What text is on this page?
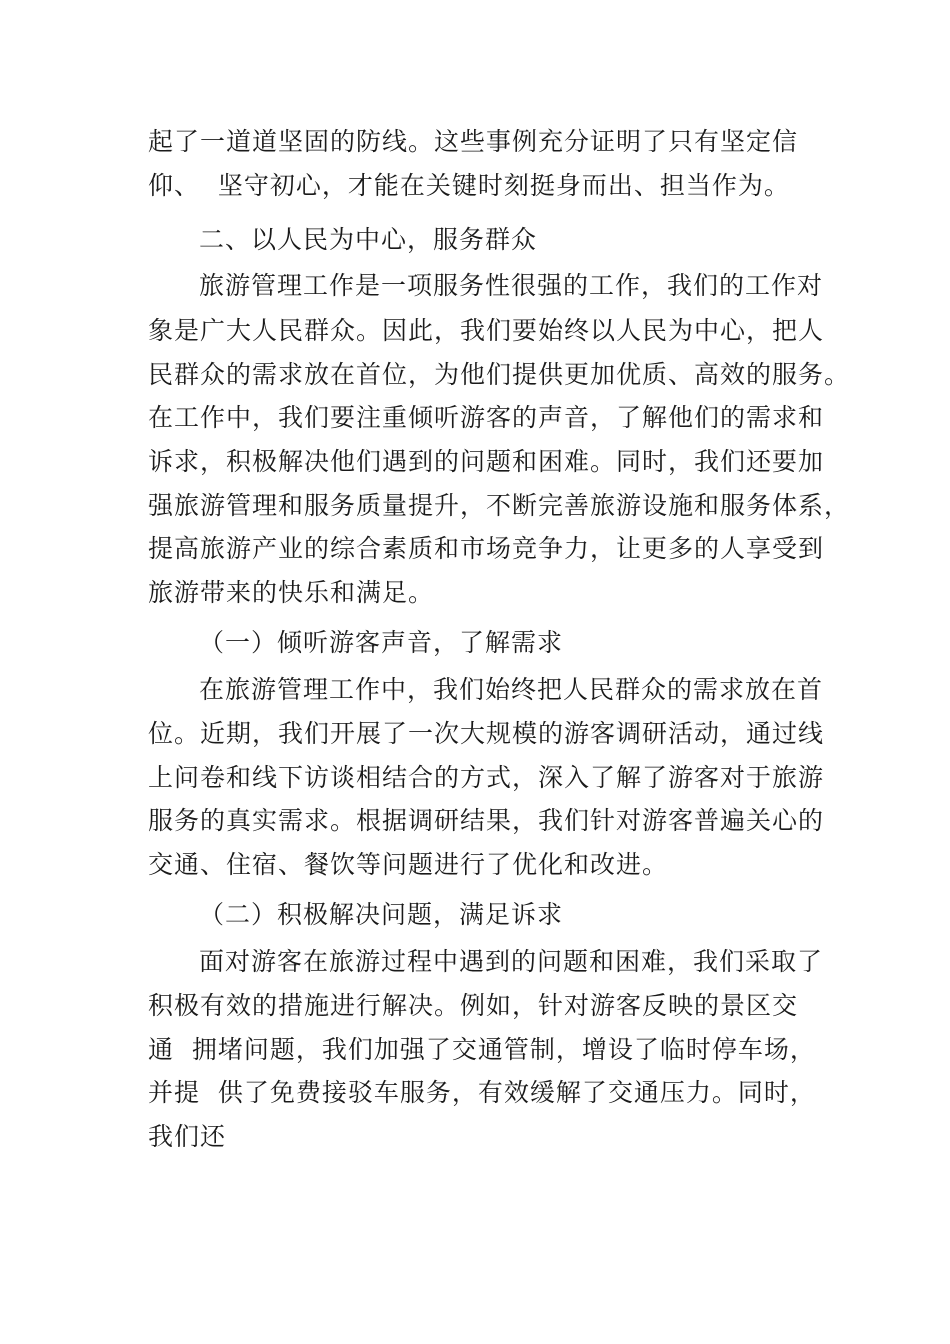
起了一道道坚固的防线。这些事例充分证明了只有坚定信
仰、  坚守初心，才能在关键时刻挺身而出、担当作为。
二、以人民为中心，服务群众
旅游管理工作是一项服务性很强的工作，我们的工作对
象是广大人民群众。因此，我们要始终以人民为中心，把人
民群众的需求放在首位，为他们提供更加优质、高效的服务。
在工作中，我们要注重倾听游客的声音，了解他们的需求和
诉求，积极解决他们遇到的问题和困难。同时，我们还要加
强旅游管理和服务质量提升，不断完善旅游设施和服务体系，
提高旅游产业的综合素质和市场竞争力，让更多的人享受到
旅游带来的快乐和满足。
（一）倾听游客声音，了解需求
在旅游管理工作中，我们始终把人民群众的需求放在首
位。近期，我们开展了一次大规模的游客调研活动，通过线
上问卷和线下访谈相结合的方式，深入了解了游客对于旅游
服务的真实需求。根据调研结果，我们针对游客普遍关心的
交通、住宿、餐饮等问题进行了优化和改进。
（二）积极解决问题，满足诉求
面对游客在旅游过程中遇到的问题和困难，我们采取了
积极有效的措施进行解决。例如，针对游客反映的景区交
通  拥堵问题，我们加强了交通管制，增设了临时停车场，
并提  供了免费接驳车服务，有效缓解了交通压力。同时，
我们还
